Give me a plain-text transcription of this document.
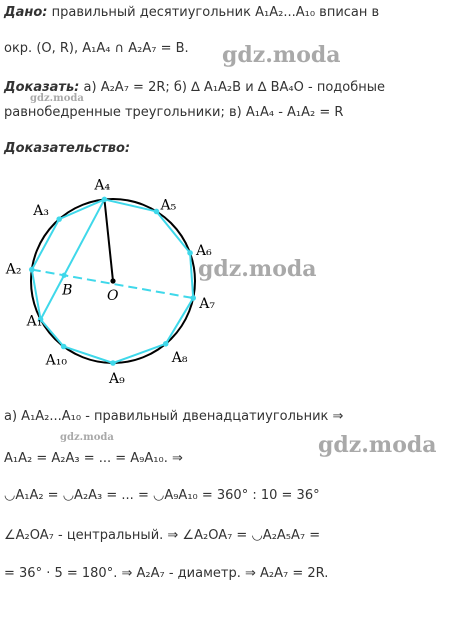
Дано: правильный десятиугольник A₁A₂...A₁₀ вписан в
окр. (O, R), A₁A₄ ∩ A₂A₇ = B.
Доказать: а) A₂A₇ = 2R; б) ∆ A₁A₂B и ∆ BA₄O - подобные
равнобедренные треугольники; в) A₁A₄ - A₁A₂ = R
Доказательство:
A₁
A₂
A₃
A₄
A₅
A₆
A₇
A₈
A₉
A₁₀
B O
а) A₁A₂...A₁₀ - правильный двенадцатиугольник ⇒
A₁A₂ = A₂A₃ = ... = A₉A₁₀. ⇒
◡A₁A₂ = ◡A₂A₃ = ... = ◡A₉A₁₀ = 360° : 10 = 36°
∠A₂OA₇ - центральный. ⇒ ∠A₂OA₇ = ◡A₂A₅A₇ =
= 36° · 5 = 180°. ⇒ A₂A₇ - диаметр. ⇒ A₂A₇ = 2R.
gdz.moda
gdz.moda
gdz.moda
gdz.moda	gdz.moda
